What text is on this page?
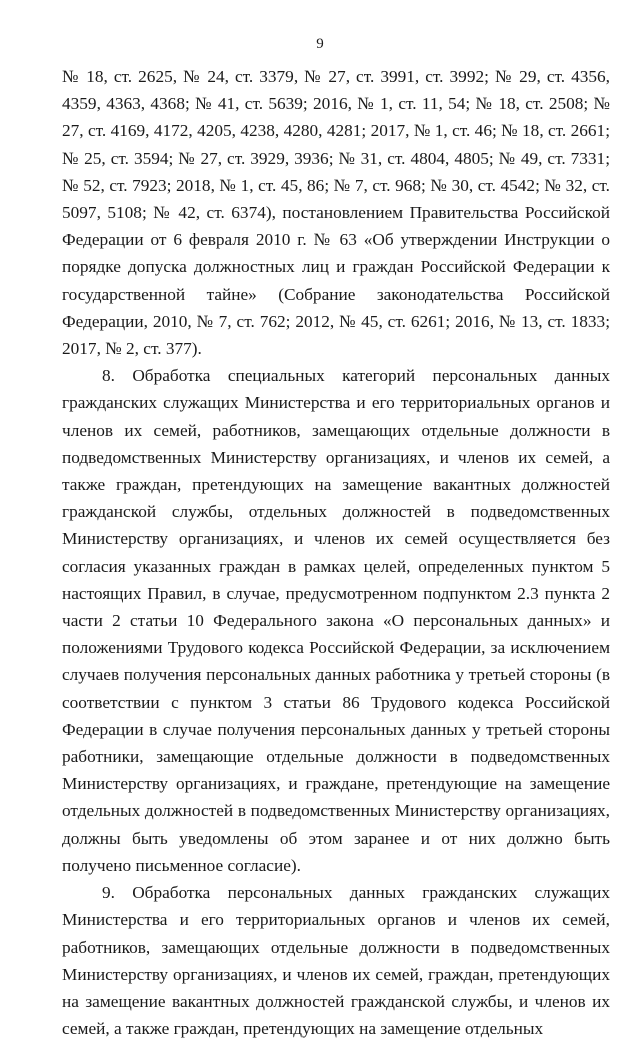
9

№ 18, ст. 2625, № 24, ст. 3379, № 27, ст. 3991, ст. 3992; № 29, ст. 4356, 4359, 4363, 4368; № 41, ст. 5639; 2016, № 1, ст. 11, 54; № 18, ст. 2508; № 27, ст. 4169, 4172, 4205, 4238, 4280, 4281; 2017, № 1, ст. 46; № 18, ст. 2661; № 25, ст. 3594; № 27, ст. 3929, 3936; № 31, ст. 4804, 4805; № 49, ст. 7331; № 52, ст. 7923; 2018, № 1, ст. 45, 86; № 7, ст. 968; № 30, ст. 4542; № 32, ст. 5097, 5108; № 42, ст. 6374), постановлением Правительства Российской Федерации от 6 февраля 2010 г. № 63 «Об утверждении Инструкции о порядке допуска должностных лиц и граждан Российской Федерации к государственной тайне» (Собрание законодательства Российской Федерации, 2010, № 7, ст. 762; 2012, № 45, ст. 6261; 2016, № 13, ст. 1833; 2017, № 2, ст. 377).

8. Обработка специальных категорий персональных данных гражданских служащих Министерства и его территориальных органов и членов их семей, работников, замещающих отдельные должности в подведомственных Министерству организациях, и членов их семей, а также граждан, претендующих на замещение вакантных должностей гражданской службы, отдельных должностей в подведомственных Министерству организациях, и членов их семей осуществляется без согласия указанных граждан в рамках целей, определенных пунктом 5 настоящих Правил, в случае, предусмотренном подпунктом 2.3 пункта 2 части 2 статьи 10 Федерального закона «О персональных данных» и положениями Трудового кодекса Российской Федерации, за исключением случаев получения персональных данных работника у третьей стороны (в соответствии с пунктом 3 статьи 86 Трудового кодекса Российской Федерации в случае получения персональных данных у третьей стороны работники, замещающие отдельные должности в подведомственных Министерству организациях, и граждане, претендующие на замещение отдельных должностей в подведомственных Министерству организациях, должны быть уведомлены об этом заранее и от них должно быть получено письменное согласие).

9. Обработка персональных данных гражданских служащих Министерства и его территориальных органов и членов их семей, работников, замещающих отдельные должности в подведомственных Министерству организациях, и членов их семей, граждан, претендующих на замещение вакантных должностей гражданской службы, и членов их семей, а также граждан, претендующих на замещение отдельных
